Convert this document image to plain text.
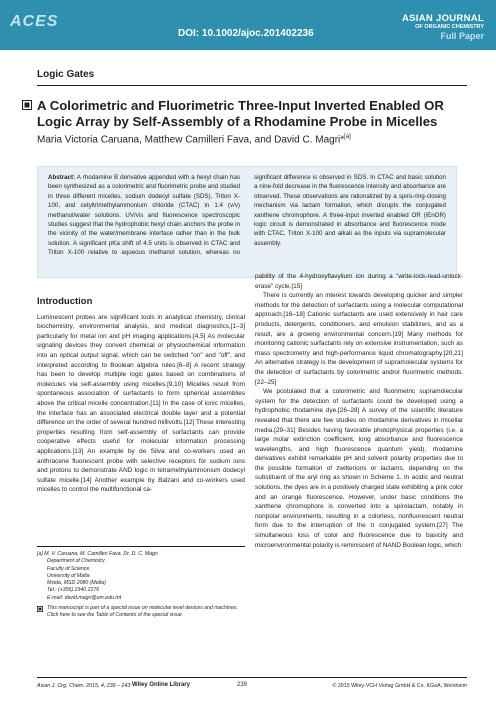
ACES
DOI: 10.1002/ajoc.201402236
ASIAN JOURNAL
OF ORGANIC CHEMISTRY
Full Paper
Logic Gates
A Colorimetric and Fluorimetric Three-Input Inverted Enabled OR Logic Array by Self-Assembly of a Rhodamine Probe in Micelles
Maria Victoria Caruana, Matthew Camilleri Fava, and David C. Magri*[a]
Abstract: A rhodamine B derivative appended with a hexyl chain has been synthesized as a colorimetric and fluorimetric probe and studied in three different micelles, sodium dodecyl sulfate (SDS), Triton X-100, and cetyltrimethylammonium chloride (CTAC) in 1:4 (v/v) methanol/water solutions. UV/vis and fluorescence spectroscopic studies suggest that the hydrophobic hexyl chain anchors the probe in the vicinity of the water/membrane interface rather than in the bulk solution. A significant pKa shift of 4.5 units is observed in CTAC and Triton X-100 relative to aqueous methanol solution, whereas no significant difference is observed in SDS. In CTAC and basic solution a nine-fold decrease in the fluorescence intensity and absorbance are observed. These observations are rationalized by a spiro-ring-closing mechanism via lactam formation, which disrupts the conjugated xanthene chromophore. A three-input inverted enabled OR (iEnOR) logic circuit is demonstrated in absorbance and fluorescence mode with CTAC, Triton X-100 and alkali as the inputs via supramolecular assembly.
Introduction

Luminescent probes are significant tools in analytical chemistry, clinical biochemistry, environmental analysis, and medical diagnostics,[1–3] particularly for metal ion and pH imaging applications.[4,5] As molecular signaling devices they convert chemical or physiochemical information into an optical output signal, which can be switched "on" and "off", and interpreted according to Boolean algebra rules.[6–8] A recent strategy has been to develop multiple logic gates based on combinations of molecules via self-assembly using micelles.[9,10] Micelles result from spontaneous association of surfactants to form spherical assemblies above the critical micelle concentration.[11] In the case of ionic micelles, the interface has an associated electrical double layer and a potential difference on the order of several hundred millivolts.[12] These interesting properties resulting from self-assembly of surfactants can provide cooperative effects useful for molecular information processing applications.[13] An example by de Silva and co-workers used an anthracene fluorescent probe with selective receptors for sodium ions and protons to demonstrate AND logic in tetramethylammonium dodecyl sulfate micelle.[14] Another example by Balzani and co-workers used micelles to control the multifunctional ca-

pability of the 4-hydroxyflavylium ion during a "write-lock-read-unlock-erase" cycle.[15]

There is currently an interest towards developing quicker and simpler methods for the detection of surfactants using a molecular computational approach.[16–18] Cationic surfactants are used extensively in hair care products, detergents, conditioners, and emulsion stabilizers, and as a result, are a growing environmental concern.[19] Many methods for monitoring cationic surfactants rely on extensive instrumentation, such as mass spectrometry and high-performance liquid chromatography.[20,21] An alternative strategy is the development of supramolecular systems for the detection of surfactants by colorimetric and/or fluorimetric methods.[22–25]

We postulated that a colorimetric and fluorimetric supramolecular system for the detection of surfactants could be developed using a hydrophobic rhodamine dye.[26–28] A survey of the scientific literature revealed that there are few studies on rhodamine derivatives in micellar media.[29–31] Besides having favorable photophysical properties (i.e. a large molar extinction coefficient, long absorbance and fluorescence wavelengths, and high fluorescence quantum yield), rhodamine derivatives exhibit remarkable pH and solvent polarity properties due to the possible formation of zwitterions or lactams, depending on the substituent of the aryl ring as shown in Scheme 1. In acidic and neutral solutions, the dyes are in a positively charged state exhibiting a pink color and an orange fluorescence. However, under basic conditions the xanthene chromophore is converted into a spirolactam, notably in nonpolar environments, resulting in a colorless, nonfluorescent neutral form due to the interruption of the π conjugated system.[27] The simultaneous loss of color and fluorescence due to basicity and microenvironmental polarity is reminiscent of NAND Boolean logic, which

[a] M. V. Caruana, M. Camilleri Fava, Dr. D. C. Magri
Department of Chemistry
Faculty of Science
University of Malta
Msida, MSD 2080 (Malta)
Tel.: (+356) 2340 2276
E-mail: david.magri@um.edu.mt
This manuscript is part of a special issue on molecular level devices and machines. Click here to see the Table of Contents of the special issue.
Asian J. Org. Chem. 2015, 4, 239 – 243 Wiley Online Library	239	© 2015 Wiley-VCH Verlag GmbH & Co. KGaA, Weinheim
